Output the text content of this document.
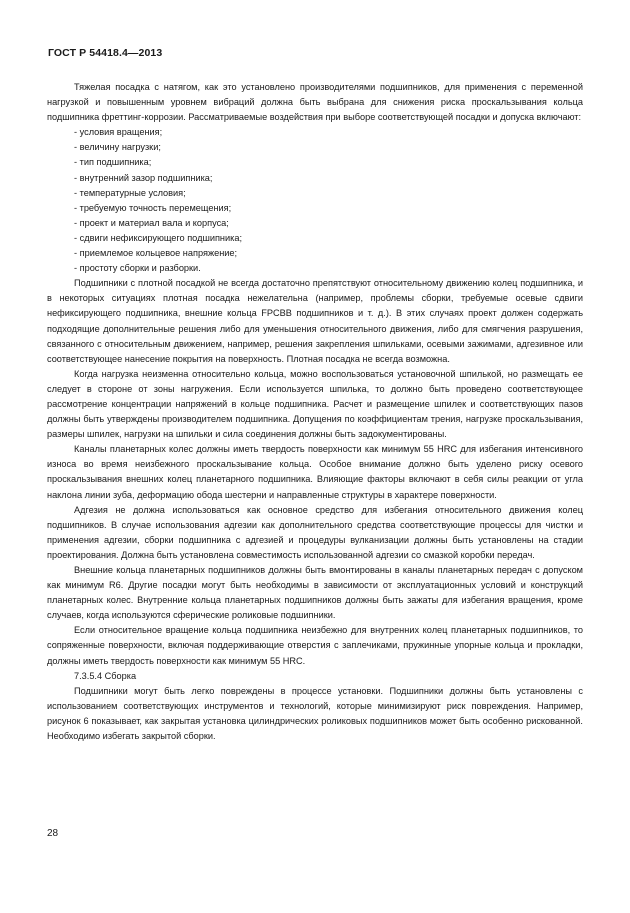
ГОСТ Р 54418.4—2013

Тяжелая посадка с натягом, как это установлено производителями подшипников, для применения с переменной нагрузкой и повышенным уровнем вибраций должна быть выбрана для снижения риска проскальзывания кольца подшипника фреттинг-коррозии. Рассматриваемые воздействия при выборе соответствующей посадки и допуска включают:

- условия вращения;
- величину нагрузки;
- тип подшипника;
- внутренний зазор подшипника;
- температурные условия;
- требуемую точность перемещения;
- проект и материал вала и корпуса;
- сдвиги нефиксирующего подшипника;
- приемлемое кольцевое напряжение;
- простоту сборки и разборки.

Подшипники с плотной посадкой не всегда достаточно препятствуют относительному движению колец подшипника, и в некоторых ситуациях плотная посадка нежелательна (например, проблемы сборки, требуемые осевые сдвиги нефиксирующего подшипника, внешние кольца FPCBB подшипников и т. д.). В этих случаях проект должен содержать подходящие дополнительные решения либо для уменьшения относительного движения, либо для смягчения разрушения, связанного с относительным движением, например, решения закрепления шпильками, осевыми зажимами, адгезивное или соответствующее нанесение покрытия на поверхность. Плотная посадка не всегда возможна.

Когда нагрузка неизменна относительно кольца, можно воспользоваться установочной шпилькой, но размещать ее следует в стороне от зоны нагружения. Если используется шпилька, то должно быть проведено соответствующее рассмотрение концентрации напряжений в кольце подшипника. Расчет и размещение шпилек и соответствующих пазов должны быть утверждены производителем подшипника. Допущения по коэффициентам трения, нагрузке проскальзывания, размеры шпилек, нагрузки на шпильки и сила соединения должны быть задокументированы.

Каналы планетарных колес должны иметь твердость поверхности как минимум 55 HRC для избегания интенсивного износа во время неизбежного проскальзывание кольца. Особое внимание должно быть уделено риску осевого проскальзывания внешних колец планетарного подшипника. Влияющие факторы включают в себя силы реакции от угла наклона линии зуба, деформацию обода шестерни и направленные структуры в характере поверхности.

Адгезия не должна использоваться как основное средство для избегания относительного движения колец подшипников. В случае использования адгезии как дополнительного средства соответствующие процессы для чистки и применения адгезии, сборки подшипника с адгезией и процедуры вулканизации должны быть установлены на стадии проектирования. Должна быть установлена совместимость использованной адгезии со смазкой коробки передач.

Внешние кольца планетарных подшипников должны быть вмонтированы в каналы планетарных передач с допуском как минимум R6. Другие посадки могут быть необходимы в зависимости от эксплуатационных условий и конструкций планетарных колес. Внутренние кольца планетарных подшипников должны быть зажаты для избегания вращения, кроме случаев, когда используются сферические роликовые подшипники.

Если относительное вращение кольца подшипника неизбежно для внутренних колец планетарных подшипников, то сопряженные поверхности, включая поддерживающие отверстия с заплечиками, пружинные упорные кольца и прокладки, должны иметь твердость поверхности как минимум 55 HRC.

7.3.5.4 Сборка

Подшипники могут быть легко повреждены в процессе установки. Подшипники должны быть установлены с использованием соответствующих инструментов и технологий, которые минимизируют риск повреждения. Например, рисунок 6 показывает, как закрытая установка цилиндрических роликовых подшипников может быть особенно рискованной. Необходимо избегать закрытой сборки.

28
